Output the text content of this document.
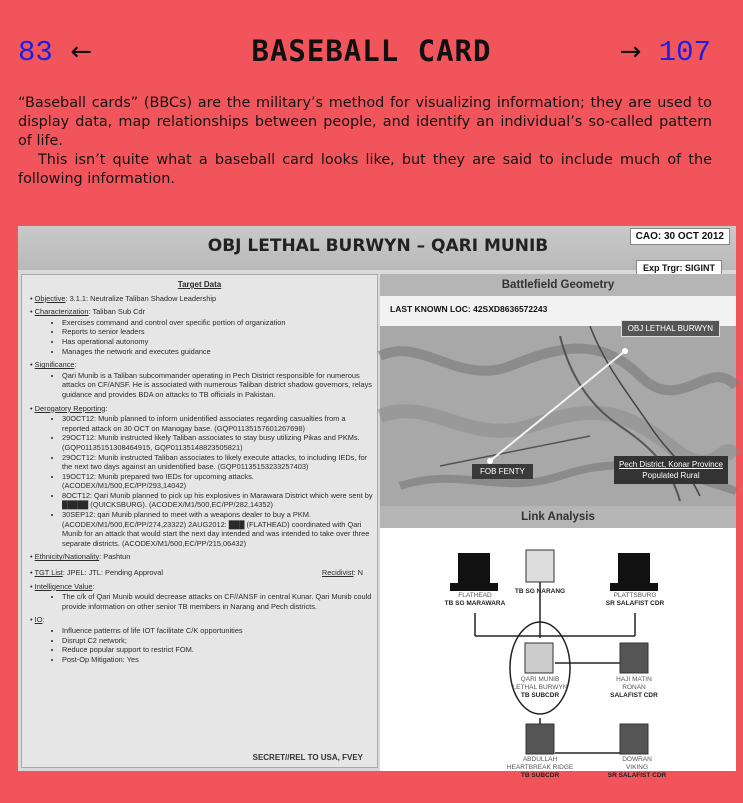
83 ←	→ 107
BASEBALL CARD

“Baseball cards” (BBCs) are the military’s method for visualizing information; they are used to display data, map relationships between people, and identify an individual’s so-called pattern of life.

This isn’t quite what a baseball card looks like, but they are said to include much of the following information.

OBJ LETHAL BURWYN – QARI MUNIB	CAO: 30 OCT 2012
Exp Trgr: SIGINT
Target Data
• Objective: 3.1.1: Neutralize Taliban Shadow Leadership
• Characterization: Taliban Sub Cdr
• Exercises command and control over specific portion of organization
• Reports to senior leaders
• Has operational autonomy
• Manages the network and executes guidance
• Significance:
• Qari Munib is a Taliban subcommander operating in Pech District responsible for numerous attacks on CF/ANSF. He is associated with numerous Taliban district shadow governors, relays guidance and provides BDA on attacks to TB officials in Pakistan.
• Derogatory Reporting:
• 30OCT12: Munib planned to inform unidentified associates regarding casualties from a reported attack on 30 OCT on Manogay base. (GQP01135157601267698)
• 29OCT12: Munib instructed likely Taliban associates to stay busy utilizing Pikas and PKMs. (GQP01135151308464915, GQP01135148823505821)
• 29OCT12: Munib instructed Taliban associates to likely execute attacks, to including IEDs, for the next two days against an unidentified base. (GQP01135153233257403)
• 19OCT12: Munib prepared two IEDs for upcoming attacks. (ACODEX/M1/500,EC/PP/293,14042)
• 8OCT12: Qari Munib planned to pick up his explosives in Marawara District which were sent by █████ (QUICKSBURG). (ACODEX/M1/500,EC/PP/282,14352)
• 30SEP12: qari Munib planned to meet with a weapons dealer to buy a PKM. (ACODEX/M1/500,EC/PP/274,23322) 2AUG2012: ███ (FLATHEAD) coordinated with Qari Munib for an attack that would start the next day intended and was intended to take over three separate districts. (ACODEX/M1/500,EC/PP/215,06432)
• Ethnicity/Nationality: Pashtun
• TGT List: JPEL: JTL: Pending Approval	Recidivist: N
• Intelligence Value:
• The c/k of Qari Munib would decrease attacks on CF//ANSF in central Kunar. Qari Munib could provide information on other senior TB members in Narang and Pech districts.
• IO:
• Influence patterns of life IOT facilitate C/K opportunities
• Disrupt C2 network;
• Reduce popular support to restrict FOM.
• Post-Op Mitigation: Yes
SECRET//REL TO USA, FVEY
Battlefield Geometry
LAST KNOWN LOC: 42SXD8636572243
OBJ LETHAL BURWYN
FOB FENTY
Pech District, Konar Province
Populated Rural
Link Analysis
FLATHEAD
TB SG MARAWARA
TB SG NARANG
PLATTSBURG
SR SALAFIST CDR
QARI MUNIB
LETHAL BURWYN
TB SUBCDR
HAJI MATIN
RONAN
SALAFIST CDR
ABDULLAH
HEARTBREAK RIDGE
TB SUBCDR
DOWRAN
VIKING
SR SALAFIST CDR
